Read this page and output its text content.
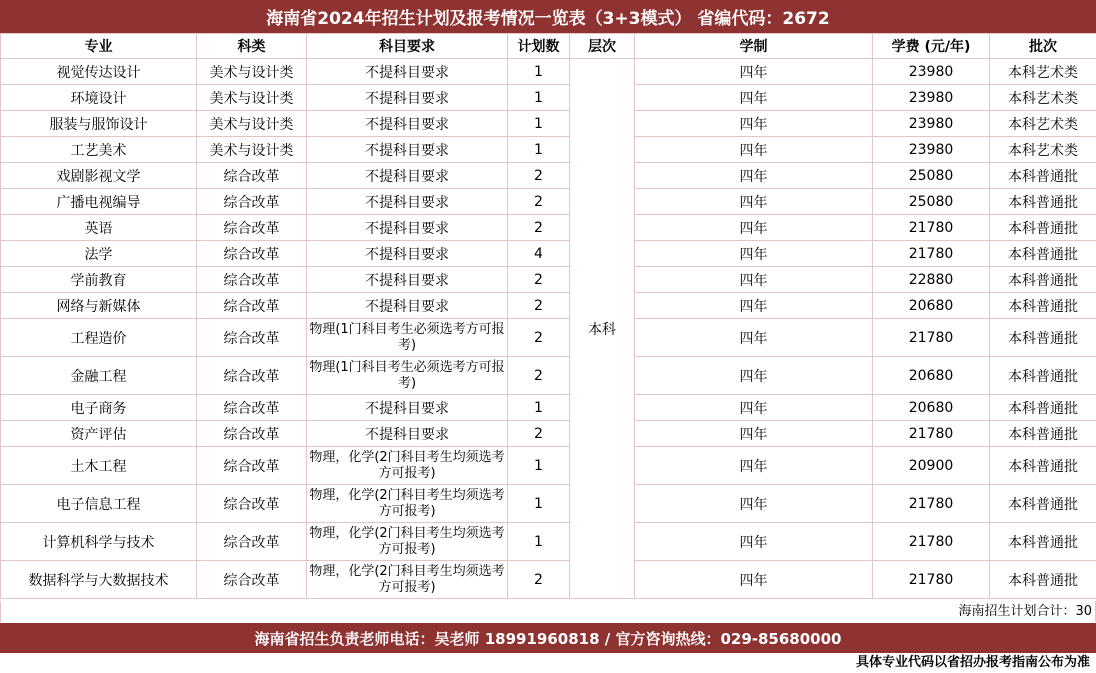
海南省2024年招生计划及报考情况一览表（3+3模式） 省编代码：2672
专业	科类	科目要求	计划数	层次	学制	学费 (元/年)	批次
视觉传达设计	美术与设计类	不提科目要求	1	本科	四年	23980	本科艺术类
环境设计	美术与设计类	不提科目要求	1		四年	23980	本科艺术类
服装与服饰设计	美术与设计类	不提科目要求	1		四年	23980	本科艺术类
工艺美术	美术与设计类	不提科目要求	1		四年	23980	本科艺术类
戏剧影视文学	综合改革	不提科目要求	2		四年	25080	本科普通批
广播电视编导	综合改革	不提科目要求	2		四年	25080	本科普通批
英语	综合改革	不提科目要求	2		四年	21780	本科普通批
法学	综合改革	不提科目要求	4		四年	21780	本科普通批
学前教育	综合改革	不提科目要求	2		四年	22880	本科普通批
网络与新媒体	综合改革	不提科目要求	2		四年	20680	本科普通批
工程造价	综合改革	物理(1门科目考生必须选考方可报考)	2		四年	21780	本科普通批
金融工程	综合改革	物理(1门科目考生必须选考方可报考)	2		四年	20680	本科普通批
电子商务	综合改革	不提科目要求	1		四年	20680	本科普通批
资产评估	综合改革	不提科目要求	2		四年	21780	本科普通批
土木工程	综合改革	物理，化学(2门科目考生均须选考方可报考)	1		四年	20900	本科普通批
电子信息工程	综合改革	物理，化学(2门科目考生均须选考方可报考)	1		四年	21780	本科普通批
计算机科学与技术	综合改革	物理，化学(2门科目考生均须选考方可报考)	1		四年	21780	本科普通批
数据科学与大数据技术	综合改革	物理，化学(2门科目考生均须选考方可报考)	2		四年	21780	本科普通批
海南招生计划合计：30
海南省招生负责老师电话：吴老师 18991960818 / 官方咨询热线：029-85680000
具体专业代码以省招办报考指南公布为准
